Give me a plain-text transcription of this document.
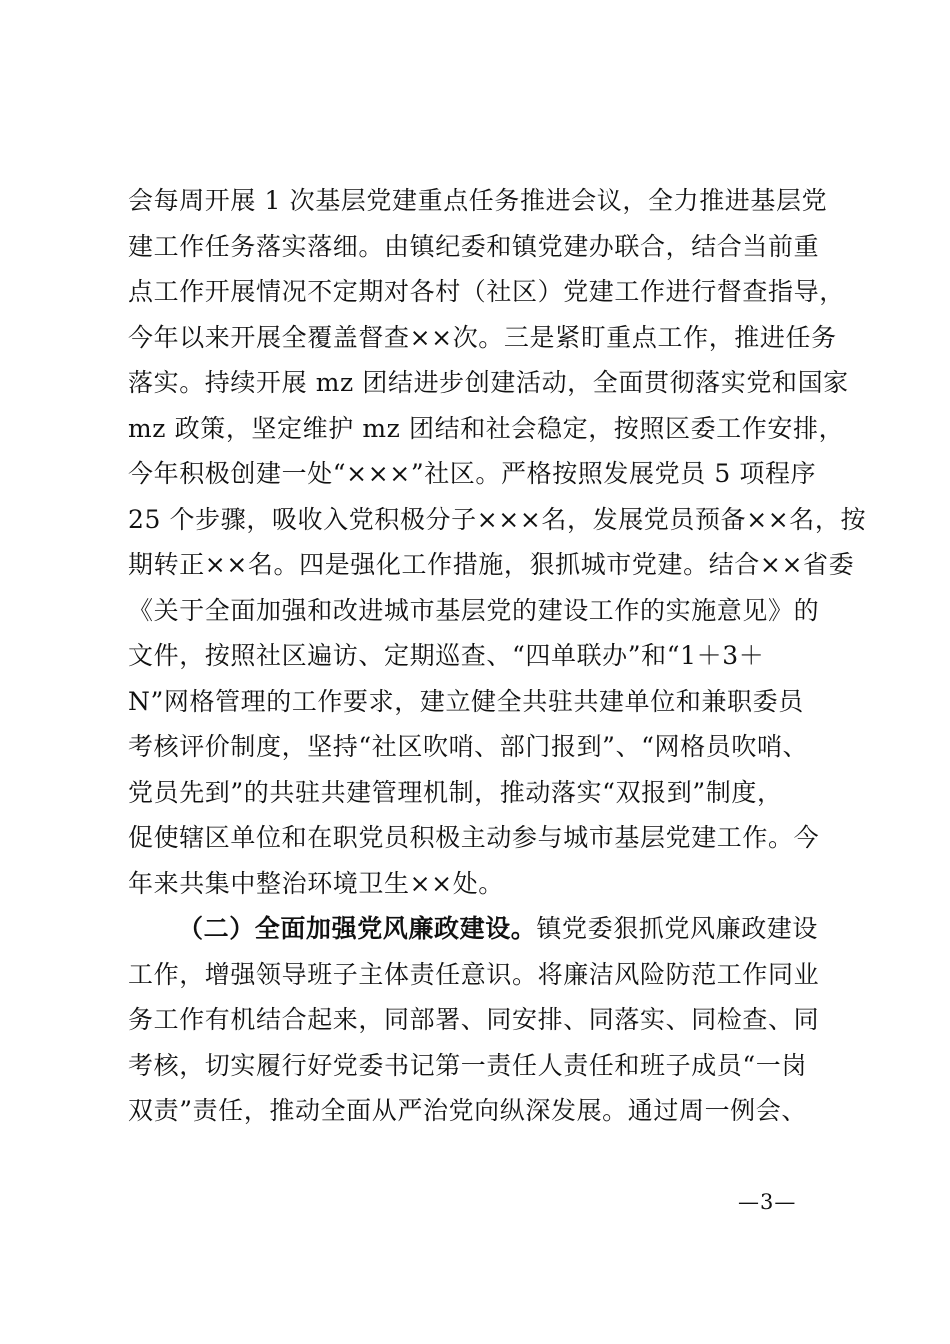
会每周开展 1 次基层党建重点任务推进会议，全力推进基层党
建工作任务落实落细。由镇纪委和镇党建办联合，结合当前重
点工作开展情况不定期对各村（社区）党建工作进行督查指导，
今年以来开展全覆盖督查××次。三是紧盯重点工作，推进任务
落实。持续开展 mz 团结进步创建活动，全面贯彻落实党和国家
mz 政策，坚定维护 mz 团结和社会稳定，按照区委工作安排，
今年积极创建一处“×××”社区。严格按照发展党员 5 项程序
25 个步骤，吸收入党积极分子×××名，发展党员预备××名，按
期转正××名。四是强化工作措施，狠抓城市党建。结合××省委
《关于全面加强和改进城市基层党的建设工作的实施意见》的
文件，按照社区遍访、定期巡查、“四单联办”和“1＋3＋
N”网格管理的工作要求，建立健全共驻共建单位和兼职委员
考核评价制度，坚持“社区吹哨、部门报到”、“网格员吹哨、
党员先到”的共驻共建管理机制，推动落实“双报到”制度，
促使辖区单位和在职党员积极主动参与城市基层党建工作。今
年来共集中整治环境卫生××处。
（二）全面加强党风廉政建设。镇党委狠抓党风廉政建设
工作，增强领导班子主体责任意识。将廉洁风险防范工作同业
务工作有机结合起来，同部署、同安排、同落实、同检查、同
考核，切实履行好党委书记第一责任人责任和班子成员“一岗
双责”责任，推动全面从严治党向纵深发展。通过周一例会、
—3—
